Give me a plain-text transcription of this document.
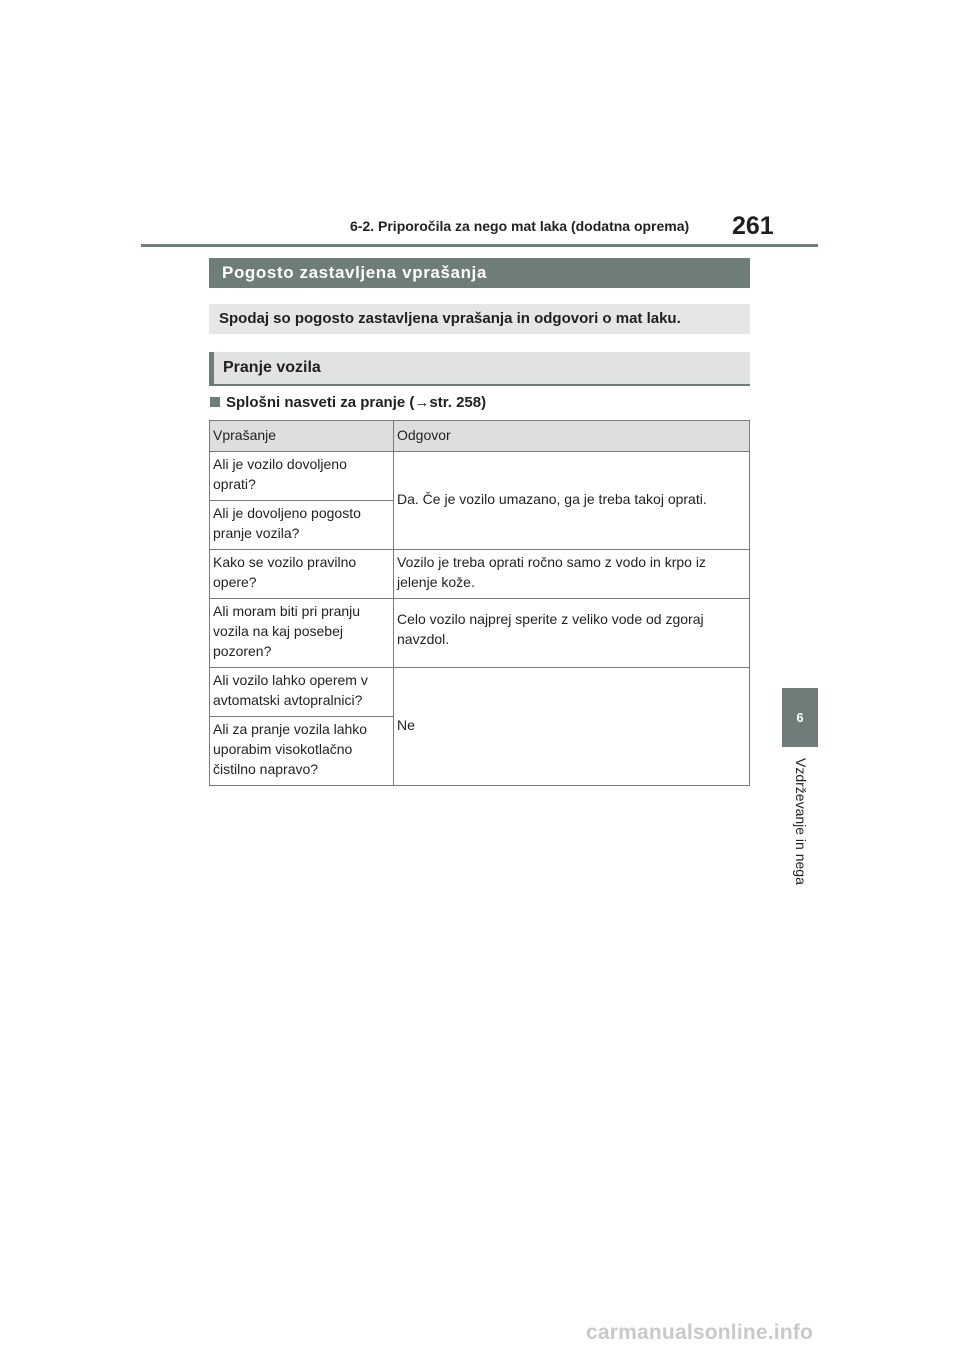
6-2. Priporočila za nego mat laka (dodatna oprema) 261
Pogosto zastavljena vprašanja
Spodaj so pogosto zastavljena vprašanja in odgovori o mat laku.
Pranje vozila
Splošni nasveti za pranje (→str. 258)
Vprašanje	Odgovor
Ali je vozilo dovoljeno oprati?	Da. Če je vozilo umazano, ga je treba takoj oprati.
Ali je dovoljeno pogosto pranje vozila?	
Kako se vozilo pravilno opere?	Vozilo je treba oprati ročno samo z vodo in krpo iz jelenje kože.
Ali moram biti pri pranju vozila na kaj posebej pozoren?	Celo vozilo najprej sperite z veliko vode od zgoraj navzdol.
Ali vozilo lahko operem v avtomatski avtopralnici?	Ne
Ali za pranje vozila lahko uporabim visokotlačno čistilno napravo?	
6
Vzdrževanje in nega
carmanualsonline.info
